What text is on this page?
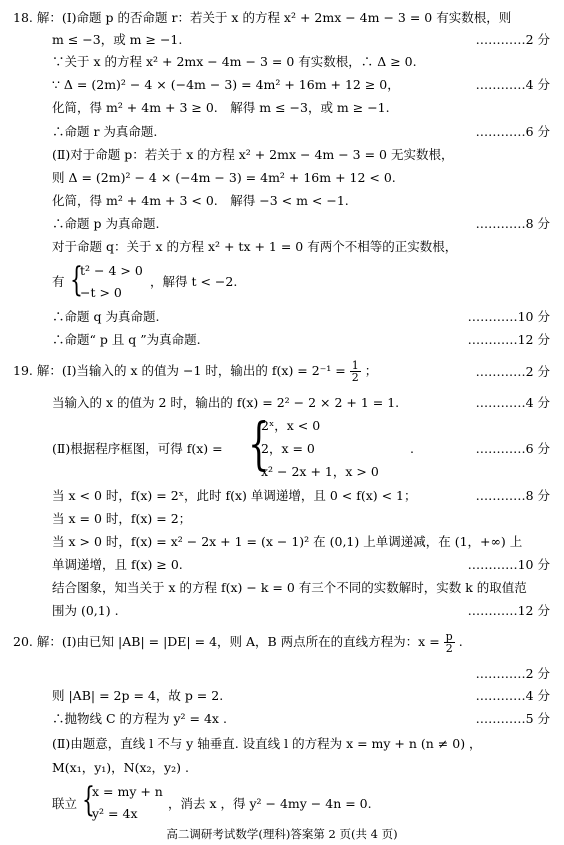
18. 解：(Ⅰ)命题 p 的否命题 r：若关于 x 的方程 x² + 2mx − 4m − 3 = 0 有实数根，则
m ≤ −3，或 m ≥ −1.	…………2 分
∵关于 x 的方程 x² + 2mx − 4m − 3 = 0 有实数根，∴ Δ ≥ 0.
∵ Δ = (2m)² − 4 × (−4m − 3) = 4m² + 16m + 12 ≥ 0，	…………4 分
化简，得 m² + 4m + 3 ≥ 0.　解得 m ≤ −3，或 m ≥ −1.
∴命题 r 为真命题.	…………6 分
(Ⅱ)对于命题 p：若关于 x 的方程 x² + 2mx − 4m − 3 = 0 无实数根，
则 Δ = (2m)² − 4 × (−4m − 3) = 4m² + 16m + 12 < 0.
化简，得 m² + 4m + 3 < 0.　解得 −3 < m < −1.
∴命题 p 为真命题.	…………8 分
对于命题 q：关于 x 的方程 x² + tx + 1 = 0 有两个不相等的正实数根，
有 {
t² − 4 > 0
−t > 0
，解得 t < −2.
∴命题 q 为真命题.	…………10 分
∴命题“ p 且 q ”为真命题.	…………12 分
19. 解：(Ⅰ)当输入的 x 的值为 −1 时，输出的 $f(x) = 2^{-1} = \frac{1}{2}$ ；	…………2 分
当输入的 x 的值为 2 时，输出的 f(x) = 2² − 2 × 2 + 1 = 1.	…………4 分
(Ⅱ)根据程序框图，可得 f(x) = {
2ˣ，x < 0
2，x = 0
x² − 2x + 1，x > 0
.	…………6 分
当 x < 0 时，f(x) = 2ˣ，此时 f(x) 单调递增，且 0 < f(x) < 1；	…………8 分
当 x = 0 时，f(x) = 2；
当 x > 0 时，f(x) = x² − 2x + 1 = (x − 1)² 在 (0,1) 上单调递减，在 (1，+∞) 上
单调递增，且 f(x) ≥ 0.	…………10 分
结合图象，知当关于 x 的方程 f(x) − k = 0 有三个不同的实数解时，实数 k 的取值范
围为 (0,1) .	…………12 分
20. 解：(Ⅰ)由已知 |AB| = |DE| = 4，则 A，B 两点所在的直线方程为：$x = \frac{p}{2}$ .
…………2 分
则 |AB| = 2p = 4，故 p = 2.	…………4 分
∴抛物线 C 的方程为 y² = 4x .	…………5 分
(Ⅱ)由题意，直线 l 不与 y 轴垂直. 设直线 l 的方程为 x = my + n (n ≠ 0) ，
M(x₁，y₁)，N(x₂，y₂) .
联立 {
x = my + n
y² = 4x
，消去 x ，得 y² − 4my − 4n = 0.
高二调研考试数学(理科)答案第 2 页(共 4 页)
